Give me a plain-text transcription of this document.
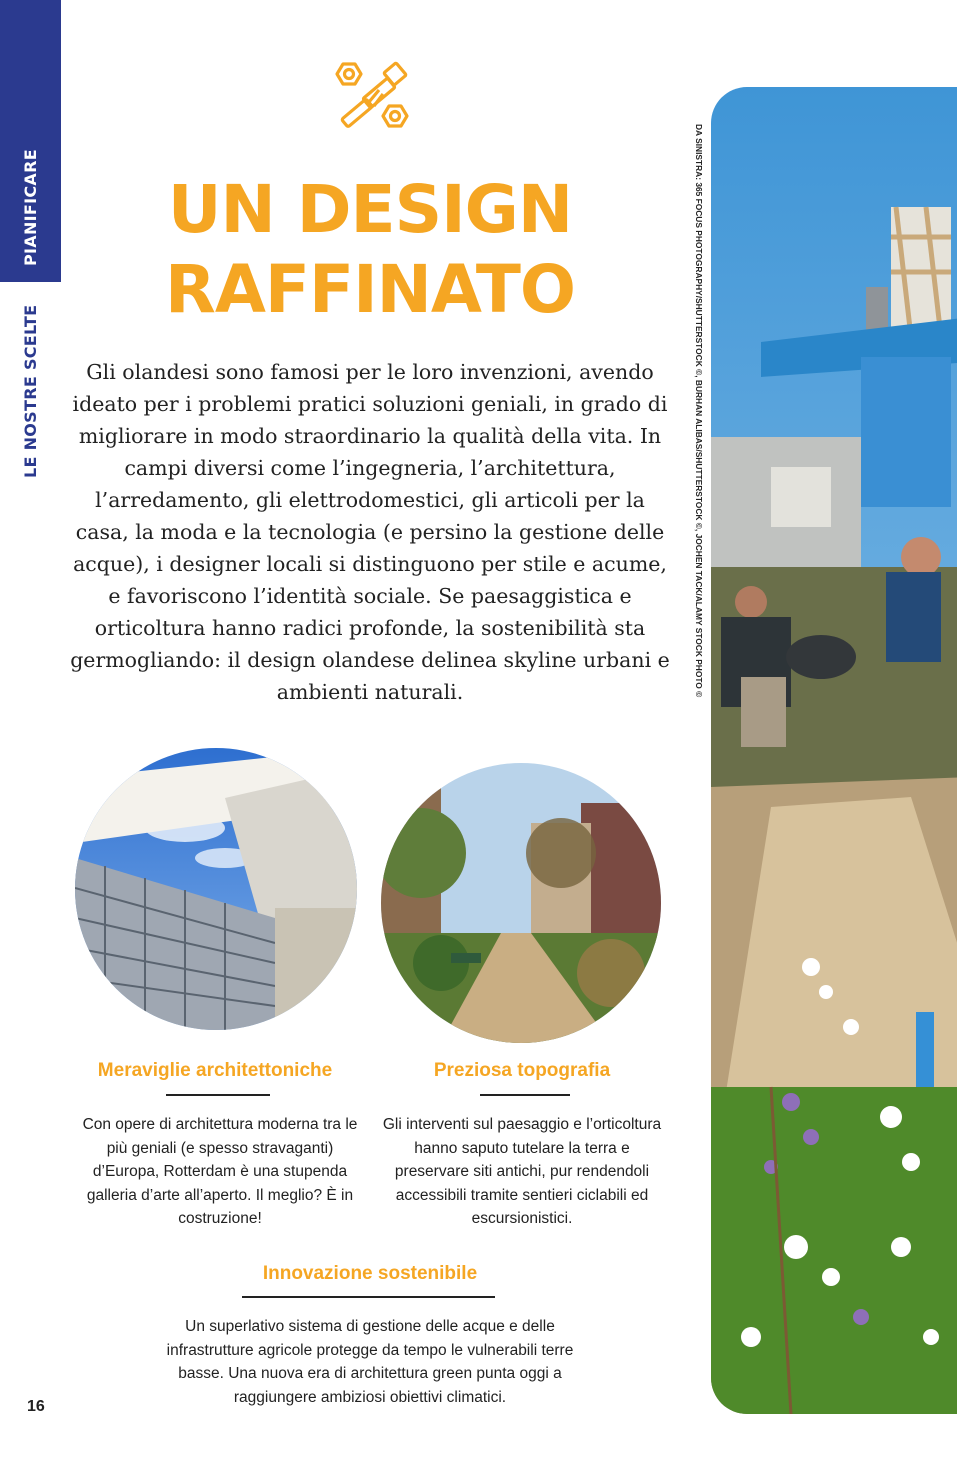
PIANIFICARE
LE NOSTRE SCELTE
UN DESIGN
RAFFINATO
Gli olandesi sono famosi per le loro invenzioni, avendo ideato per i problemi pratici soluzioni geniali, in grado di migliorare in modo straordinario la qualità della vita. In campi diversi come l’ingegneria, l’architettura, l’arredamento, gli elettrodomestici, gli articoli per la casa, la moda e la tecnologia (e persino la gestione delle acque), i designer locali si distinguono per stile e acume, e favoriscono l’identità sociale. Se paesaggistica e orticoltura hanno radici profonde, la sostenibilità sta germogliando: il design olandese delinea skyline urbani e ambienti naturali.
Meraviglie architettoniche
Con opere di architettura moderna tra le più geniali (e spesso stravaganti) d’Europa, Rotterdam è una stupenda galleria d’arte all’aperto. Il meglio? È in costruzione!
Preziosa topografia
Gli interventi sul paesaggio e l’orticoltura hanno saputo tutelare la terra e preservare siti antichi, pur rendendoli accessibili tramite sentieri ciclabili ed escursionistici.
Innovazione sostenibile
Un superlativo sistema di gestione delle acque e delle infrastrutture agricole protegge da tempo le vulnerabili terre basse. Una nuova era di architettura green punta oggi a raggiungere ambiziosi obiettivi climatici.
16
DA SINISTRA: 365 FOCUS PHOTOGRAPHY/SHUTTERSTOCK ©, BURHAN ALIBAS/SHUTTERSTOCK ©, JOCHEN TACK/ALAMY STOCK PHOTO ©
